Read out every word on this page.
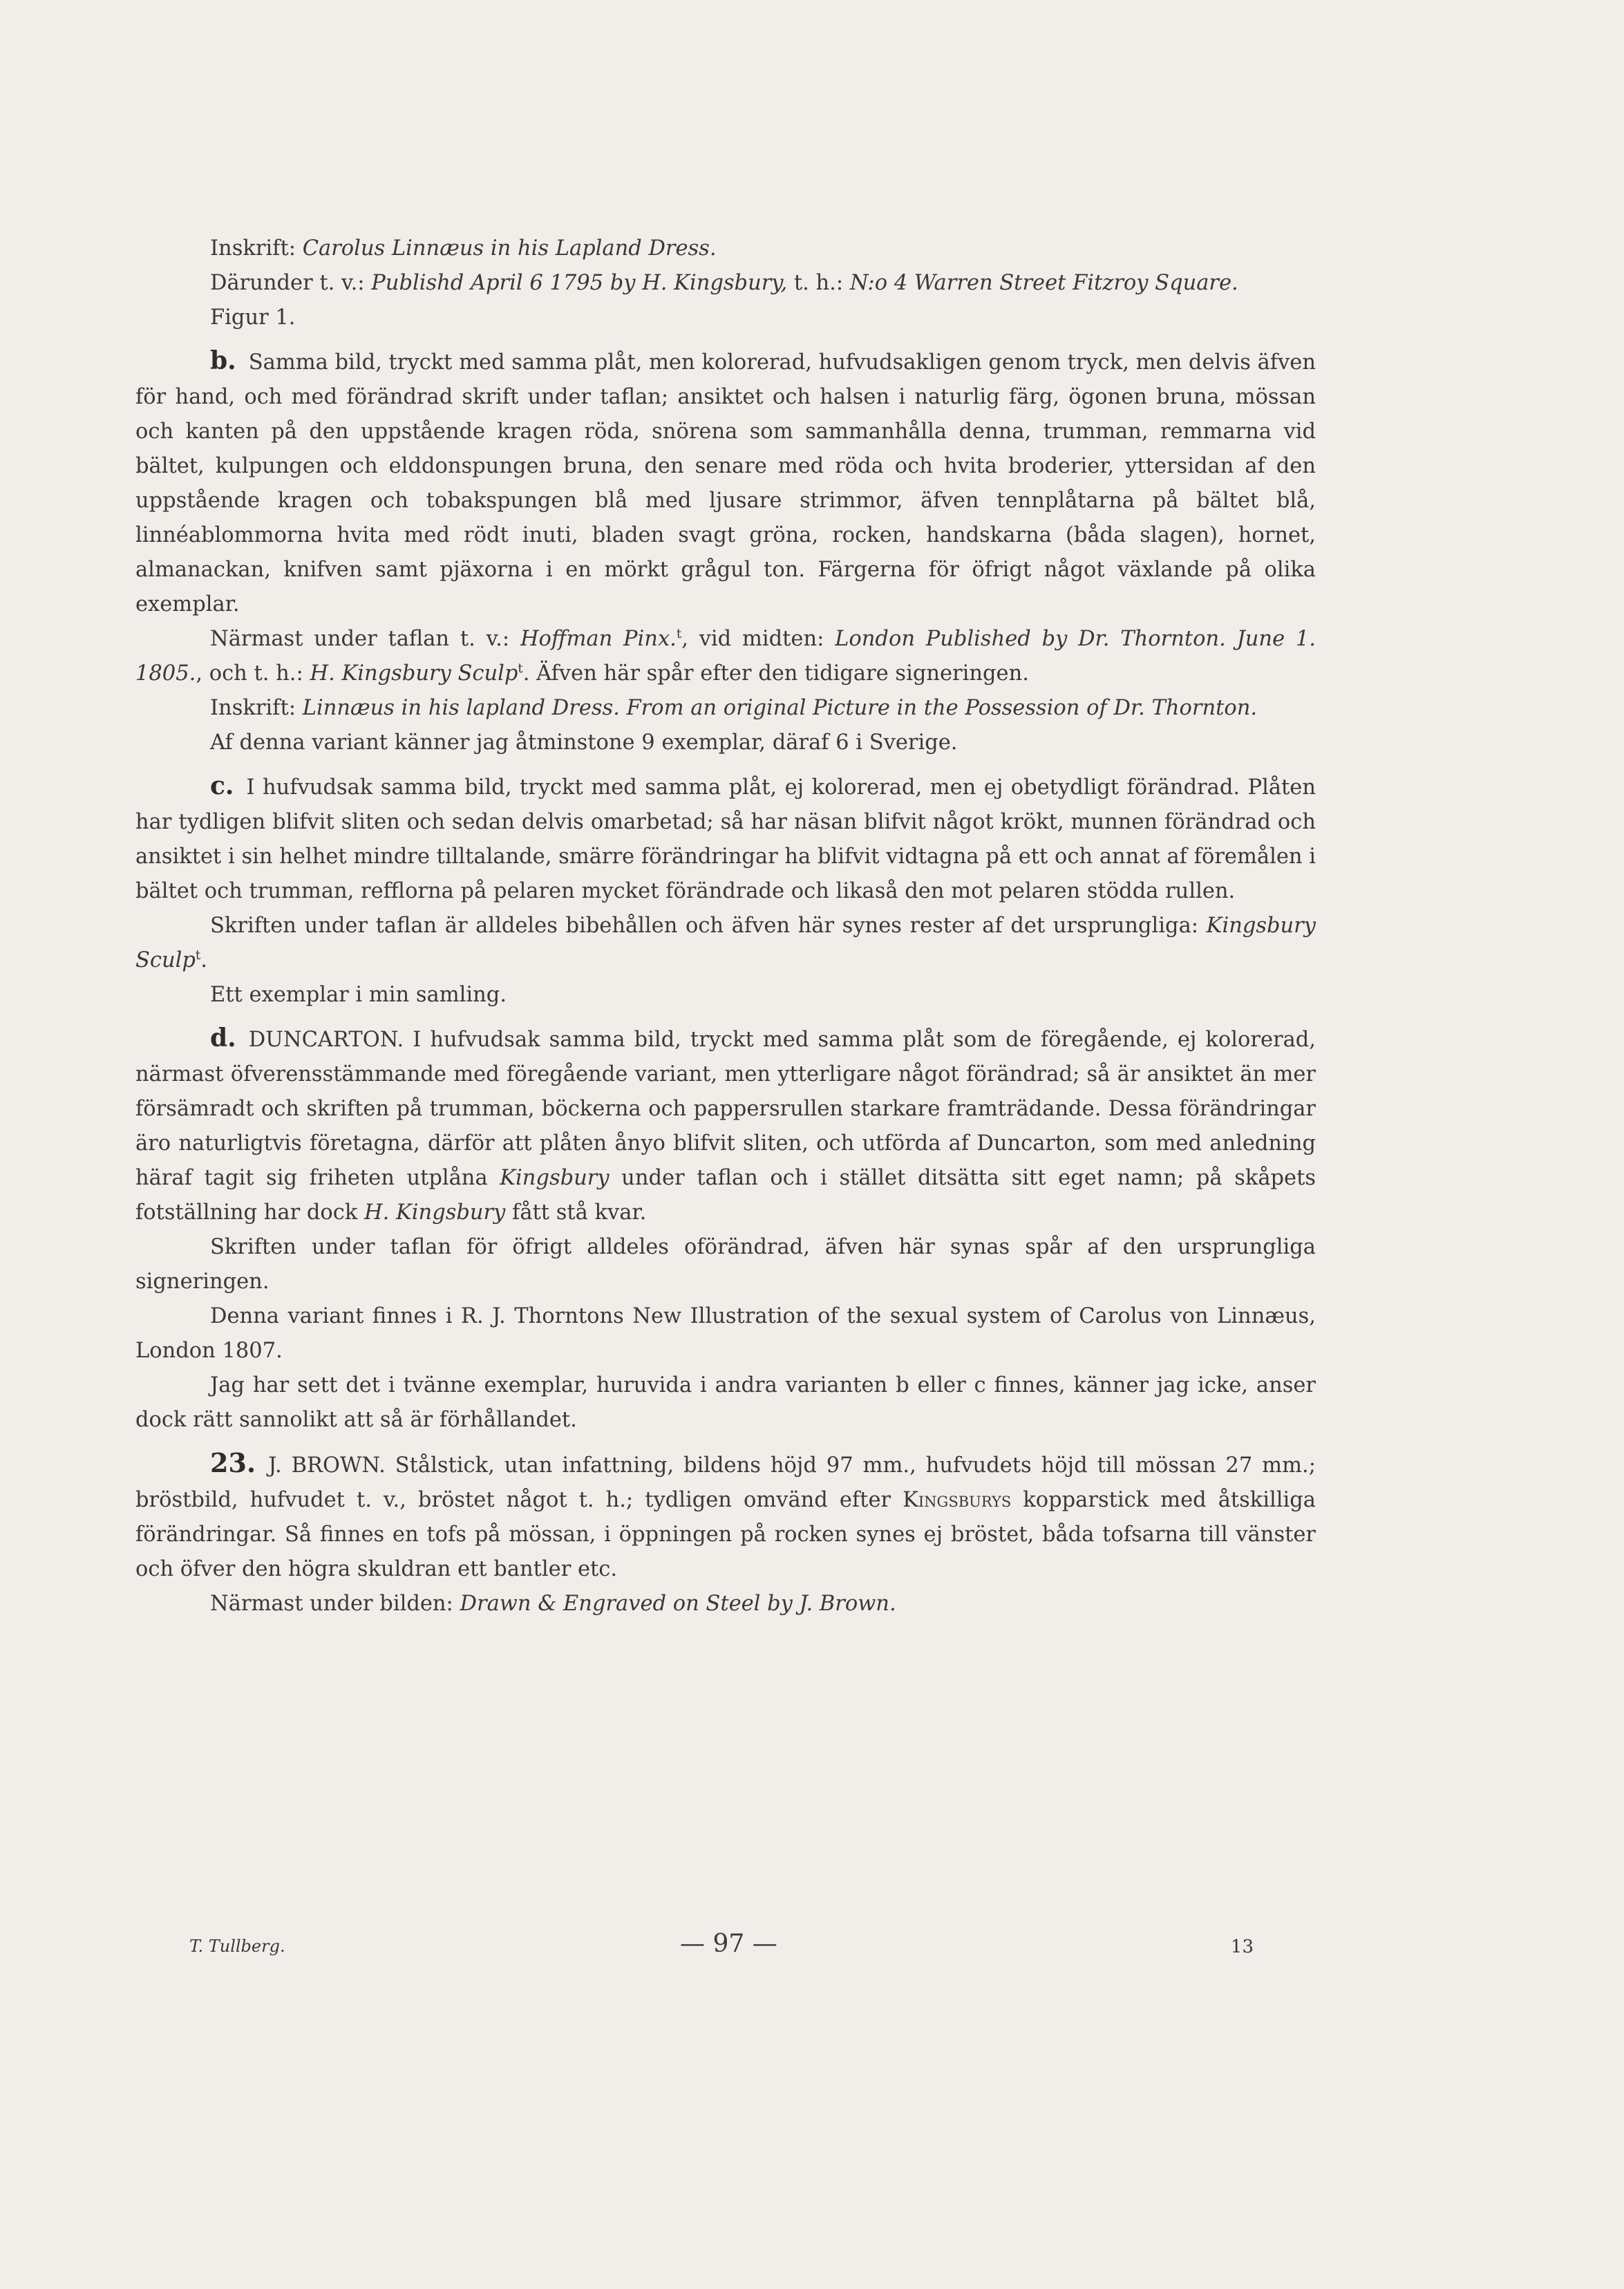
Inskrift: Carolus Linnæus in his Lapland Dress.

Därunder t. v.: Publishd April 6 1795 by H. Kingsbury, t. h.: N:o 4 Warren Street Fitzroy Square.

Figur 1.

b. Samma bild, tryckt med samma plåt, men kolorerad, hufvudsakligen genom tryck, men delvis äfven för hand, och med förändrad skrift under taflan; ansiktet och halsen i naturlig färg, ögonen bruna, mössan och kanten på den uppstående kragen röda, snörena som sammanhålla denna, trumman, remmarna vid bältet, kulpungen och elddonspungen bruna, den senare med röda och hvita broderier, yttersidan af den uppstående kragen och tobakspungen blå med ljusare strimmor, äfven tennplåtarna på bältet blå, linnéablommorna hvita med rödt inuti, bladen svagt gröna, rocken, handskarna (båda slagen), hornet, almanackan, knifven samt pjäxorna i en mörkt grågul ton. Färgerna för öfrigt något växlande på olika exemplar.

Närmast under taflan t. v.: Hoffman Pinx.$^t$, vid midten: London Published by Dr. Thornton. June 1. 1805., och t. h.: H. Kingsbury Sculp$^t$. Äfven här spår efter den tidigare signeringen.

Inskrift: Linnæus in his lapland Dress. From an original Picture in the Possession of Dr. Thornton.

Af denna variant känner jag åtminstone 9 exemplar, däraf 6 i Sverige.

c. I hufvudsak samma bild, tryckt med samma plåt, ej kolorerad, men ej obetydligt förändrad. Plåten har tydligen blifvit sliten och sedan delvis omarbetad; så har näsan blifvit något krökt, munnen förändrad och ansiktet i sin helhet mindre tilltalande, smärre förändringar ha blifvit vidtagna på ett och annat af föremålen i bältet och trumman, refflorna på pelaren mycket förändrade och likaså den mot pelaren stödda rullen.

Skriften under taflan är alldeles bibehållen och äfven här synes rester af det ursprungliga: Kingsbury Sculp$^t$.

Ett exemplar i min samling.

d. DUNCARTON. I hufvudsak samma bild, tryckt med samma plåt som de föregående, ej kolorerad, närmast öfverensstämmande med föregående variant, men ytterligare något förändrad; så är ansiktet än mer försämradt och skriften på trumman, böckerna och pappersrullen starkare framträdande. Dessa förändringar äro naturligtvis företagna, därför att plåten ånyo blifvit sliten, och utförda af Duncarton, som med anledning häraf tagit sig friheten utplåna Kingsbury under taflan och i stället ditsätta sitt eget namn; på skåpets fotställning har dock H. Kingsbury fått stå kvar.

Skriften under taflan för öfrigt alldeles oförändrad, äfven här synas spår af den ursprungliga signeringen.

Denna variant finnes i R. J. Thorntons New Illustration of the sexual system of Carolus von Linnæus, London 1807.

Jag har sett det i tvänne exemplar, huruvida i andra varianten b eller c finnes, känner jag icke, anser dock rätt sannolikt att så är förhållandet.

23. J. BROWN. Stålstick, utan infattning, bildens höjd 97 mm., hufvudets höjd till mössan 27 mm.; bröstbild, hufvudet t. v., bröstet något t. h.; tydligen omvänd efter Kingsburys kopparstick med åtskilliga förändringar. Så finnes en tofs på mössan, i öppningen på rocken synes ej bröstet, båda tofsarna till vänster och öfver den högra skuldran ett bantler etc.

Närmast under bilden: Drawn & Engraved on Steel by J. Brown.

T. Tullberg.	— 97 —	13
